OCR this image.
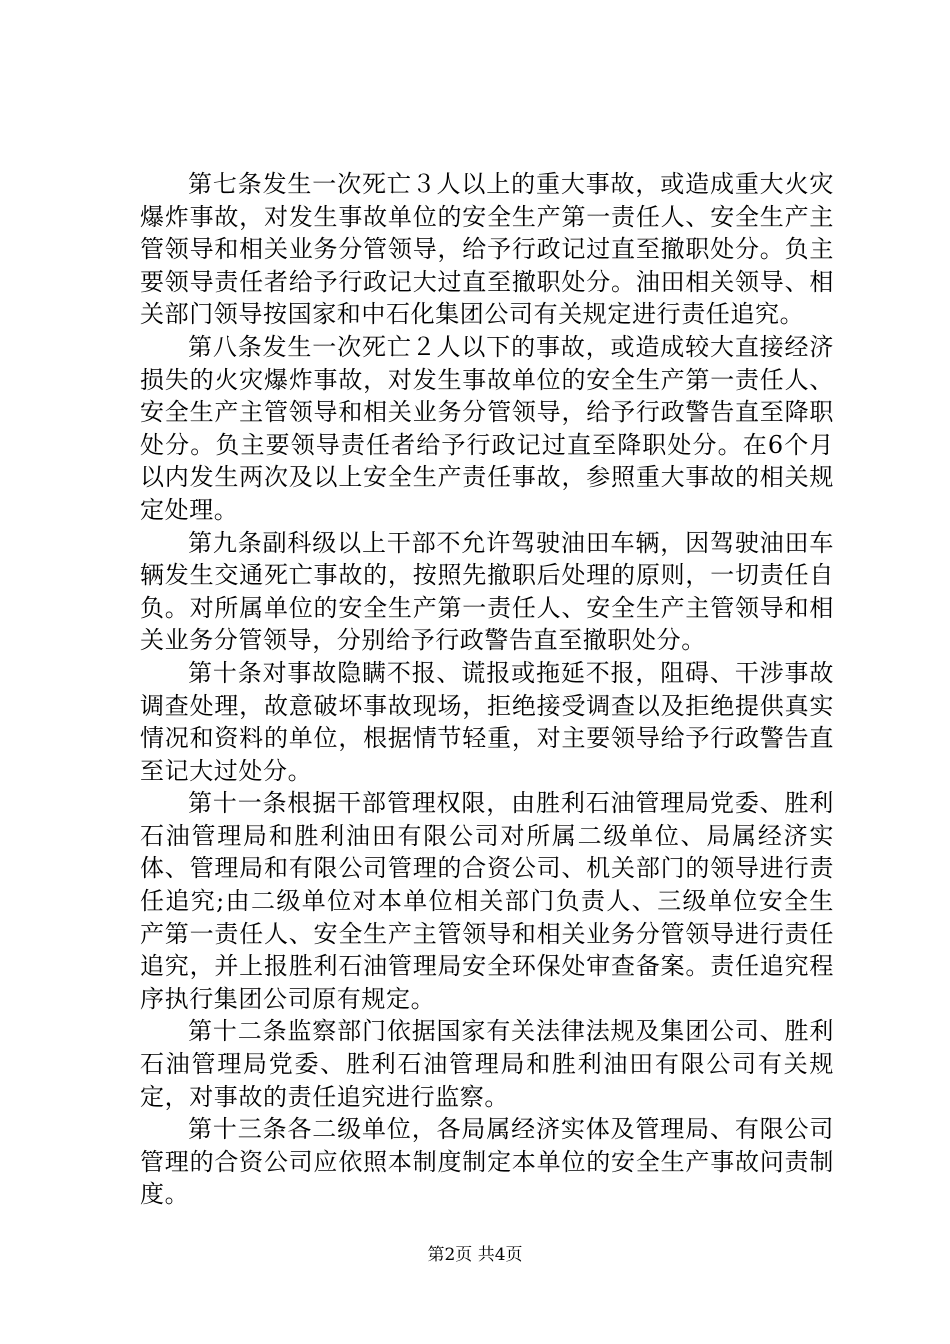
第七条发生一次死亡３人以上的重大事故，或造成重大火灾爆炸事故，对发生事故单位的安全生产第一责任人、安全生产主管领导和相关业务分管领导，给予行政记过直至撤职处分。负主要领导责任者给予行政记大过直至撤职处分。油田相关领导、相关部门领导按国家和中石化集团公司有关规定进行责任追究。

第八条发生一次死亡２人以下的事故，或造成较大直接经济损失的火灾爆炸事故，对发生事故单位的安全生产第一责任人、安全生产主管领导和相关业务分管领导，给予行政警告直至降职处分。负主要领导责任者给予行政记过直至降职处分。在6个月以内发生两次及以上安全生产责任事故，参照重大事故的相关规定处理。

第九条副科级以上干部不允许驾驶油田车辆，因驾驶油田车辆发生交通死亡事故的，按照先撤职后处理的原则，一切责任自负。对所属单位的安全生产第一责任人、安全生产主管领导和相关业务分管领导，分别给予行政警告直至撤职处分。

第十条对事故隐瞒不报、谎报或拖延不报，阻碍、干涉事故调查处理，故意破坏事故现场，拒绝接受调查以及拒绝提供真实情况和资料的单位，根据情节轻重，对主要领导给予行政警告直至记大过处分。

第十一条根据干部管理权限，由胜利石油管理局党委、胜利石油管理局和胜利油田有限公司对所属二级单位、局属经济实体、管理局和有限公司管理的合资公司、机关部门的领导进行责任追究;由二级单位对本单位相关部门负责人、三级单位安全生产第一责任人、安全生产主管领导和相关业务分管领导进行责任追究，并上报胜利石油管理局安全环保处审查备案。责任追究程序执行集团公司原有规定。

第十二条监察部门依据国家有关法律法规及集团公司、胜利石油管理局党委、胜利石油管理局和胜利油田有限公司有关规定，对事故的责任追究进行监察。

第十三条各二级单位，各局属经济实体及管理局、有限公司管理的合资公司应依照本制度制定本单位的安全生产事故问责制度。

第2页 共4页
